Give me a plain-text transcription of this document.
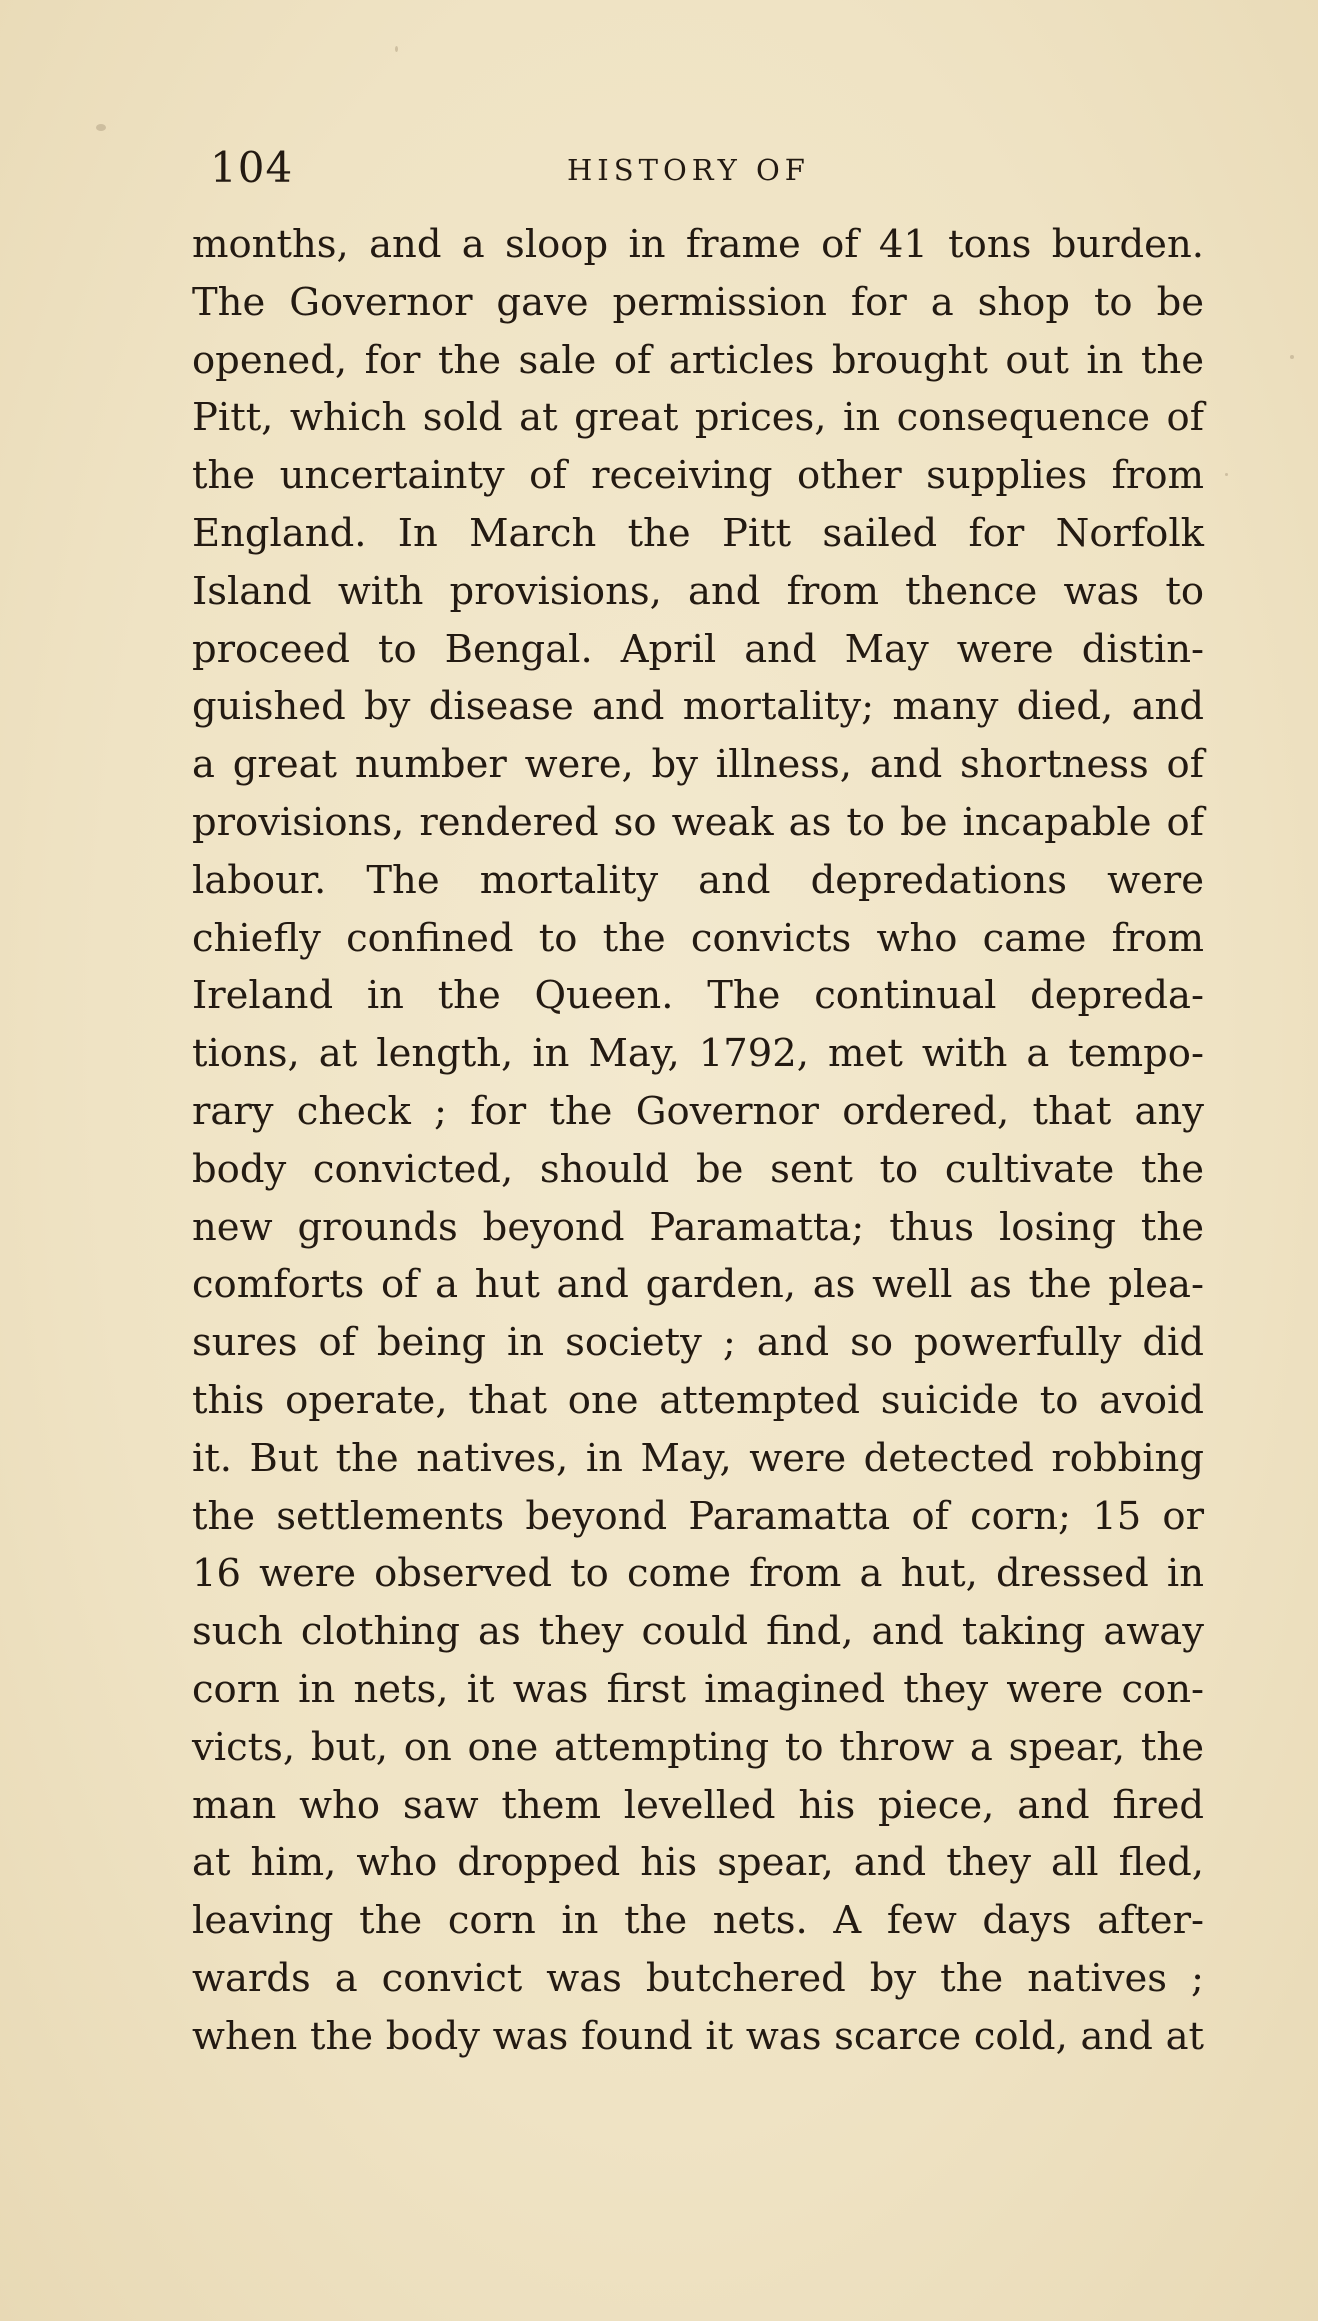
104	HISTORY OF
months, and a sloop in frame of 41 tons burden.
The Governor gave permission for a shop to be
opened, for the sale of articles brought out in the
Pitt, which sold at great prices, in consequence of
the uncertainty of receiving other supplies from
England. In March the Pitt sailed for Norfolk
Island with provisions, and from thence was to
proceed to Bengal. April and May were distin-
guished by disease and mortality; many died, and
a great number were, by illness, and shortness of
provisions, rendered so weak as to be incapable of
labour. The mortality and depredations were
chiefly confined to the convicts who came from
Ireland in the Queen. The continual depreda-
tions, at length, in May, 1792, met with a tempo-
rary check ; for the Governor ordered, that any
body convicted, should be sent to cultivate the
new grounds beyond Paramatta; thus losing the
comforts of a hut and garden, as well as the plea-
sures of being in society ; and so powerfully did
this operate, that one attempted suicide to avoid
it. But the natives, in May, were detected robbing
the settlements beyond Paramatta of corn; 15 or
16 were observed to come from a hut, dressed in
such clothing as they could find, and taking away
corn in nets, it was first imagined they were con-
victs, but, on one attempting to throw a spear, the
man who saw them levelled his piece, and fired
at him, who dropped his spear, and they all fled,
leaving the corn in the nets. A few days after-
wards a convict was butchered by the natives ;
when the body was found it was scarce cold, and at
